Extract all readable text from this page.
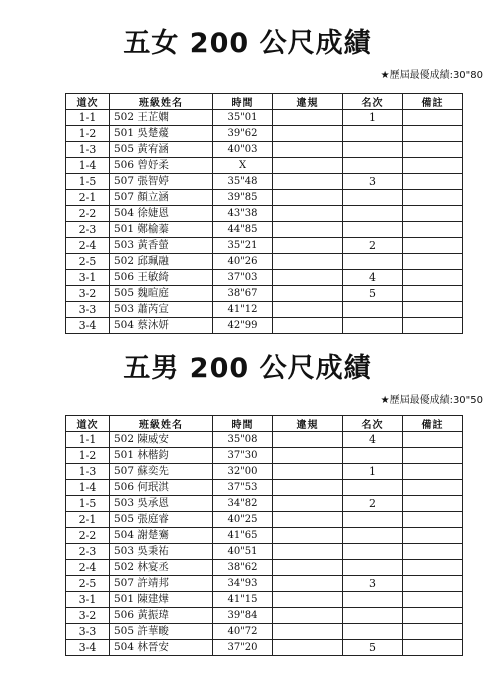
五女 200 公尺成績
★歷屆最優成績:30"80
道次	班級姓名	時間	違規	名次	備註
1-1	502 王芷嫻	35"01		1	
1-2	501 吳楚蕿	39"62			
1-3	505 黃宥涵	40"03			
1-4	506 曾妤柔	X			
1-5	507 張智婷	35"48		3	
2-1	507 顏立涵	39"85			
2-2	504 徐婕恩	43"38			
2-3	501 鄭榆蓁	44"85			
2-4	503 黃香螢	35"21		2	
2-5	502 邱珮融	40"26			
3-1	506 王敏綺	37"03		4	
3-2	505 魏暄庭	38"67		5	
3-3	503 蕭芮宣	41"12			
3-4	504 蔡沐妍	42"99			
五男 200 公尺成績
★歷屆最優成績:30"50
道次	班級姓名	時間	違規	名次	備註
1-1	502 陳威安	35"08		4	
1-2	501 林楷鈞	37"30			
1-3	507 蘇奕先	32"00		1	
1-4	506 何珉淇	37"53			
1-5	503 吳承恩	34"82		2	
2-1	505 張庭睿	40"25			
2-2	504 謝楚騫	41"65			
2-3	503 吳秉祐	40"51			
2-4	502 林宴丞	38"62			
2-5	507 許靖邦	34"93		3	
3-1	501 陳建燁	41"15			
3-2	506 黃振瑋	39"84			
3-3	505 許華畯	40"72			
3-4	504 林晉安	37"20		5	
